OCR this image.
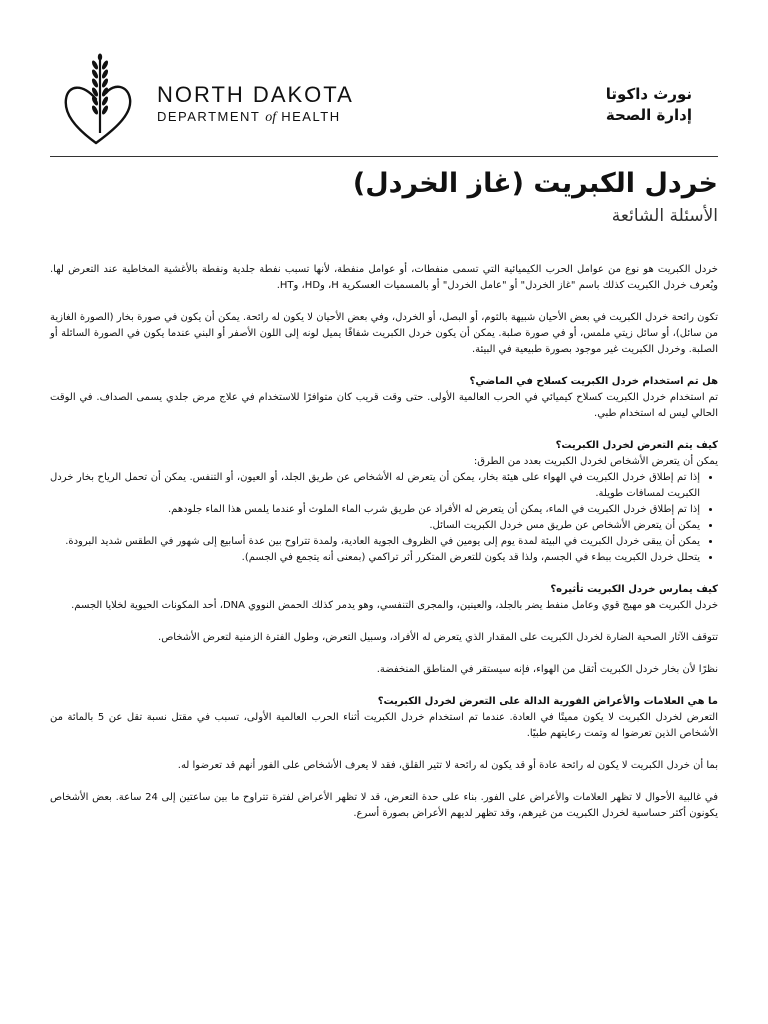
NORTH DAKOTA
DEPARTMENT of HEALTH
نورث داكوتا
إدارة الصحة
خردل الكبريت (غاز الخردل)
الأسئلة الشائعة

خردل الكبريت هو نوع من عوامل الحرب الكيميائية التي تسمى منفطات، أو عوامل منفطة، لأنها تسبب نفطة جلدية ونفطة بالأغشية المخاطية عند التعرض لها. ويُعرف خردل الكبريت كذلك باسم "غاز الخردل" أو "عامل الخردل" أو بالمسميات العسكرية H، وHD، وHT.

تكون رائحة خردل الكبريت في بعض الأحيان شبيهة بالثوم، أو البصل، أو الخردل، وفي بعض الأحيان لا يكون له رائحة. يمكن أن يكون في صورة بخار (الصورة الغازية من سائل)، أو سائل زيتي ملمس، أو في صورة صلبة. يمكن أن يكون خردل الكبريت شفافًا يميل لونه إلى اللون الأصفر أو البني عندما يكون في الصورة السائلة أو الصلبة. وخردل الكبريت غير موجود بصورة طبيعية في البيئة.

هل تم استخدام خردل الكبريت كسلاح في الماضي؟

تم استخدام خردل الكبريت كسلاح كيميائي في الحرب العالمية الأولى. حتى وقت قريب كان متوافرًا للاستخدام في علاج مرض جلدي يسمى الصداف. في الوقت الحالي ليس له استخدام طبي.

كيف يتم التعرض لخردل الكبريت؟

يمكن أن يتعرض الأشخاص لخردل الكبريت بعدد من الطرق:

• إذا تم إطلاق خردل الكبريت في الهواء على هيئة بخار، يمكن أن يتعرض له الأشخاص عن طريق الجلد، أو العيون، أو التنفس. يمكن أن تحمل الرياح بخار خردل الكبريت لمسافات طويلة.
• إذا تم إطلاق خردل الكبريت في الماء، يمكن أن يتعرض له الأفراد عن طريق شرب الماء الملوث أو عندما يلمس هذا الماء جلودهم.
• يمكن أن يتعرض الأشخاص عن طريق مس خردل الكبريت السائل.
• يمكن أن يبقى خردل الكبريت في البيئة لمدة يوم إلى يومين في الظروف الجوية العادية، ولمدة تتراوح بين عدة أسابيع إلى شهور في الطقس شديد البرودة.
• يتحلل خردل الكبريت ببطء في الجسم، ولذا قد يكون للتعرض المتكرر أثر تراكمي (بمعنى أنه يتجمع في الجسم).

كيف يمارس خردل الكبريت تأثيره؟

خردل الكبريت هو مهيج قوي وعامل منفط يضر بالجلد، والعينين، والمجرى التنفسي، وهو يدمر كذلك الحمض النووي DNA، أحد المكونات الحيوية لخلايا الجسم.

تتوقف الآثار الصحية الضارة لخردل الكبريت على المقدار الذي يتعرض له الأفراد، وسبيل التعرض، وطول الفترة الزمنية لتعرض الأشخاص.

نظرًا لأن بخار خردل الكبريت أثقل من الهواء، فإنه سيستقر في المناطق المنخفضة.

ما هي العلامات والأعراض الفورية الدالة على التعرض لخردل الكبريت؟

التعرض لخردل الكبريت لا يكون مميتًا في العادة. عندما تم استخدام خردل الكبريت أثناء الحرب العالمية الأولى، تسبب في مقتل نسبة تقل عن 5 بالمائة من الأشخاص الذين تعرضوا له وتمت رعايتهم طبيًا.

بما أن خردل الكبريت لا يكون له رائحة عادة أو قد يكون له رائحة لا تثير القلق، فقد لا يعرف الأشخاص على الفور أنهم قد تعرضوا له.

في غالبية الأحوال لا تظهر العلامات والأعراض على الفور. بناء على حدة التعرض، قد لا تظهر الأعراض لفترة تتراوح ما بين ساعتين إلى 24 ساعة. بعض الأشخاص يكونون أكثر حساسية لخردل الكبريت من غيرهم، وقد تظهر لديهم الأعراض بصورة أسرع.
